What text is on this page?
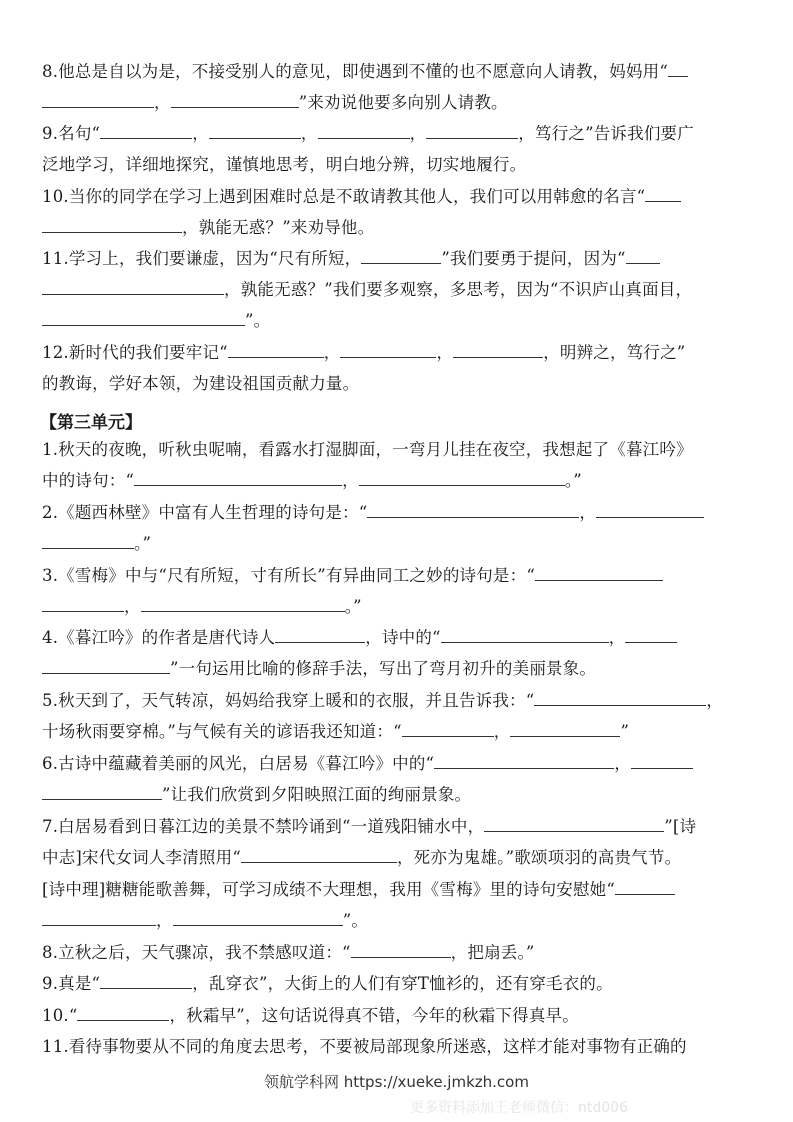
8.他总是自以为是，不接受别人的意见，即使遇到不懂的也不愿意向人请教，妈妈用“
，	”来劝说他要多向别人请教。
9.名句“	，	，	，	，笃行之”告诉我们要广
泛地学习，详细地探究，谨慎地思考，明白地分辨，切实地履行。
10.当你的同学在学习上遇到困难时总是不敢请教其他人，我们可以用韩愈的名言“
，孰能无惑？”来劝导他。
11.学习上，我们要谦虚，因为“尺有所短，	”我们要勇于提问，因为“
，孰能无惑？”我们要多观察，多思考，因为“不识庐山真面目，
”。
12.新时代的我们要牢记“	，	，	，明辨之，笃行之”
的教诲，学好本领，为建设祖国贡献力量。
【第三单元】
1.秋天的夜晚，听秋虫呢喃，看露水打湿脚面，一弯月儿挂在夜空，我想起了《暮江吟》
中的诗句：“	，	。”
2.《题西林壁》中富有人生哲理的诗句是：“	，
。”
3.《雪梅》中与“尺有所短，寸有所长”有异曲同工之妙的诗句是：“
，	。”
4.《暮江吟》的作者是唐代诗人	，诗中的“	，
”一句运用比喻的修辞手法，写出了弯月初升的美丽景象。
5.秋天到了，天气转凉，妈妈给我穿上暖和的衣服，并且告诉我：“	，
十场秋雨要穿棉。”与气候有关的谚语我还知道：“	，	”
6.古诗中蕴藏着美丽的风光，白居易《暮江吟》中的“	，
”让我们欣赏到夕阳映照江面的绚丽景象。
7.白居易看到日暮江边的美景不禁吟诵到“一道残阳铺水中，	”[诗
中志]宋代女词人李清照用“	，死亦为鬼雄。”歌颂项羽的高贵气节。
[诗中理]糖糖能歌善舞，可学习成绩不大理想，我用《雪梅》里的诗句安慰她“
，	”。
8.立秋之后，天气骤凉，我不禁感叹道：“	，把扇丢。”
9.真是“	，乱穿衣”，大街上的人们有穿T恤衫的，还有穿毛衣的。
10.“	，秋霜早”，这句话说得真不错，今年的秋霜下得真早。
11.看待事物要从不同的角度去思考，不要被局部现象所迷惑，这样才能对事物有正确的
领航学科网 https://xueke.jmkzh.com
更多资料添加王老师微信：ntd006
